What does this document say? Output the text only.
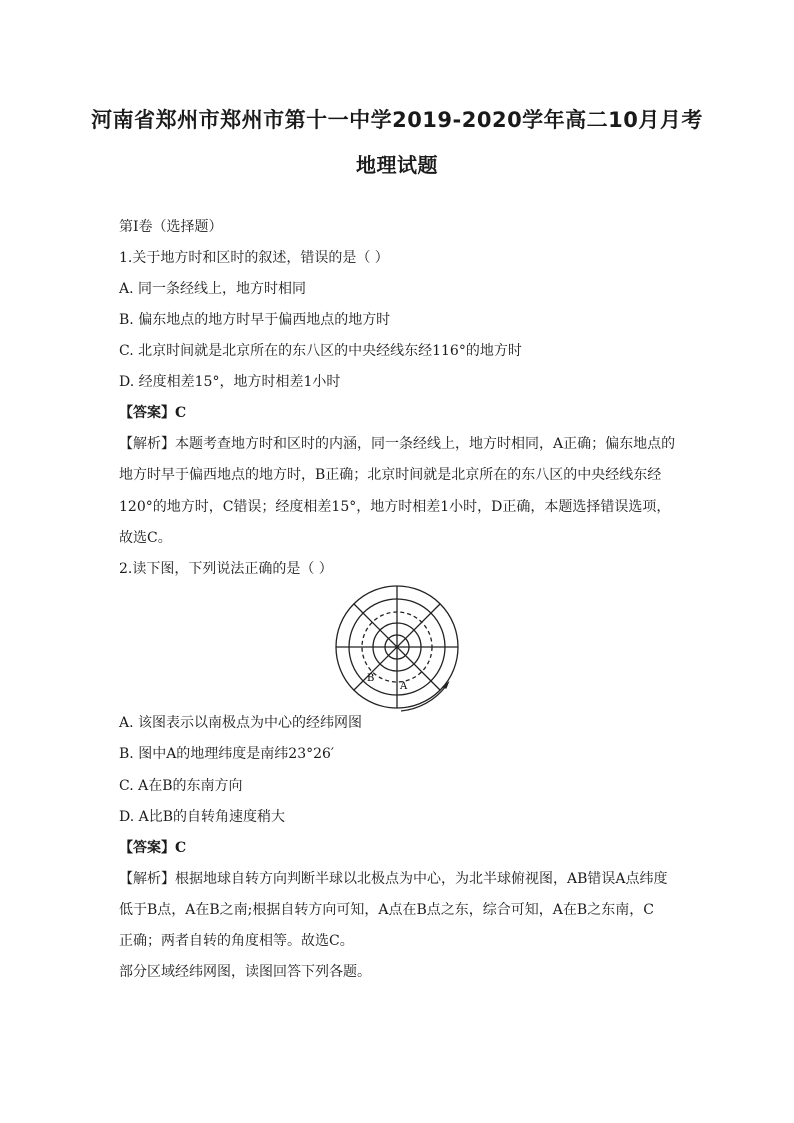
河南省郑州市郑州市第十一中学2019-2020学年高二10月月考
地理试题
第Ⅰ卷（选择题）
1.关于地方时和区时的叙述，错误的是（ ）
A. 同一条经线上，地方时相同
B. 偏东地点的地方时早于偏西地点的地方时
C. 北京时间就是北京所在的东八区的中央经线东经116°的地方时
D. 经度相差15°，地方时相差1小时
【答案】C
【解析】本题考查地方时和区时的内涵，同一条经线上，地方时相同，A正确；偏东地点的
地方时早于偏西地点的地方时，B正确；北京时间就是北京所在的东八区的中央经线东经
120°的地方时，C错误；经度相差15°，地方时相差1小时，D正确，本题选择错误选项，
故选C。
2.读下图，下列说法正确的是（ ）
B
A
A. 该图表示以南极点为中心的经纬网图
B. 图中A的地理纬度是南纬23°26′
C. A在B的东南方向
D. A比B的自转角速度稍大
【答案】C
【解析】根据地球自转方向判断半球以北极点为中心，为北半球俯视图，AB错误A点纬度
低于B点，A在B之南;根据自转方向可知，A点在B点之东，综合可知，A在B之东南，C
正确；两者自转的角度相等。故选C。
部分区域经纬网图，读图回答下列各题。
